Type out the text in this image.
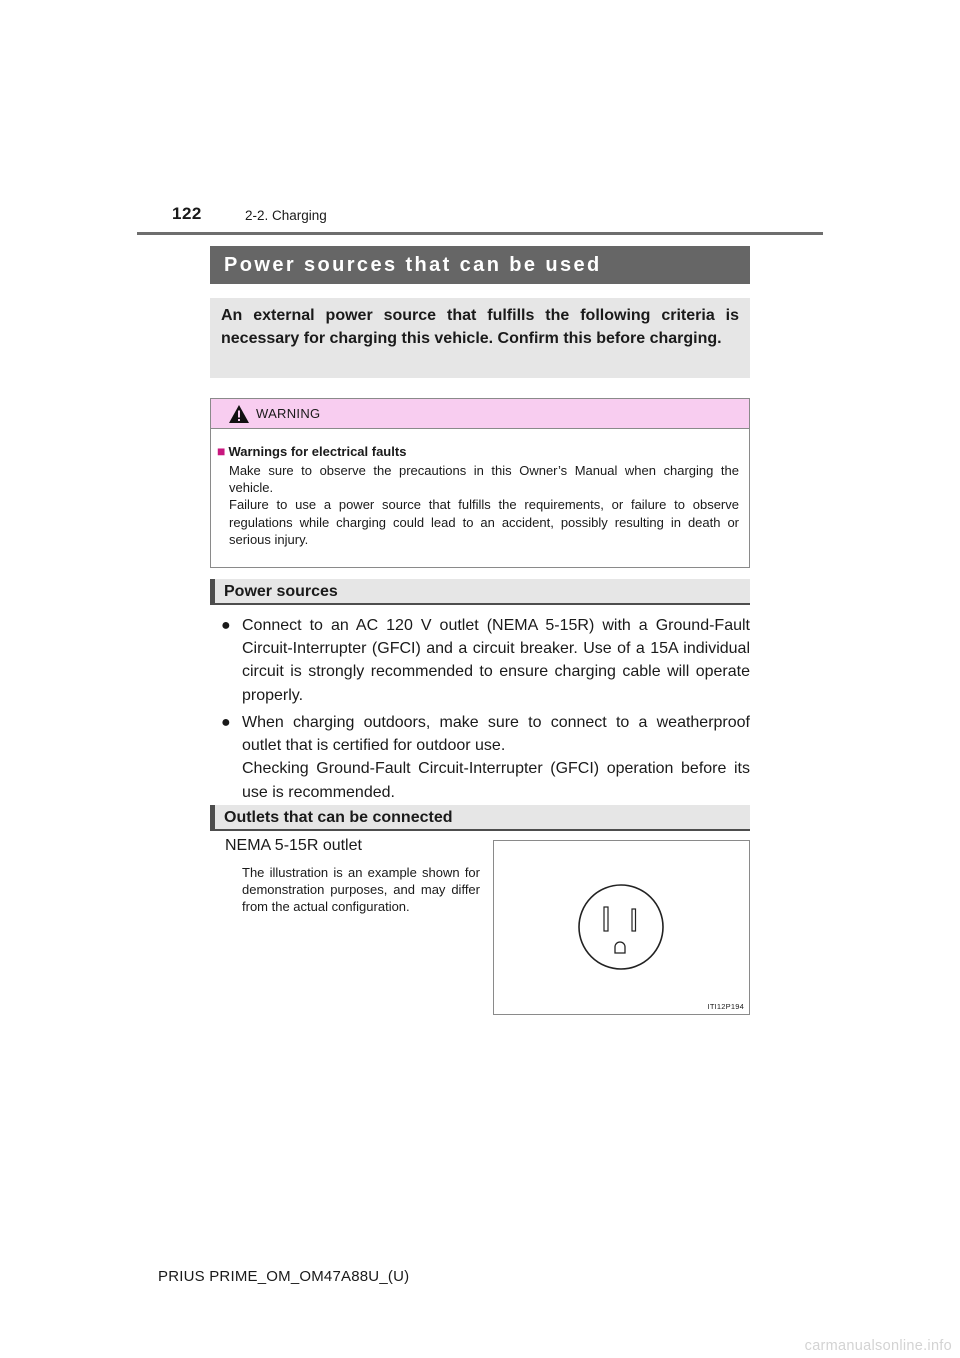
122	2-2. Charging
Power sources that can be used
An external power source that fulfills the following criteria is necessary for charging this vehicle. Confirm this before charging.
WARNING
■ Warnings for electrical faults

Make sure to observe the precautions in this Owner’s Manual when charging the vehicle.

Failure to use a power source that fulfills the requirements, or failure to observe regulations while charging could lead to an accident, possibly resulting in death or serious injury.

Power sources
● Connect to an AC 120 V outlet (NEMA 5-15R) with a Ground-Fault Circuit-Interrupter (GFCI) and a circuit breaker. Use of a 15A individual circuit is strongly recommended to ensure charging cable will operate properly.

● When charging outdoors, make sure to connect to a weatherproof outlet that is certified for outdoor use.

Checking Ground-Fault Circuit-Interrupter (GFCI) operation before its use is recommended.

Outlets that can be connected
NEMA 5-15R outlet
The illustration is an example shown for demonstration purposes, and may differ from the actual configuration.
ITI12P194
PRIUS PRIME_OM_OM47A88U_(U)
carmanualsonline.info
